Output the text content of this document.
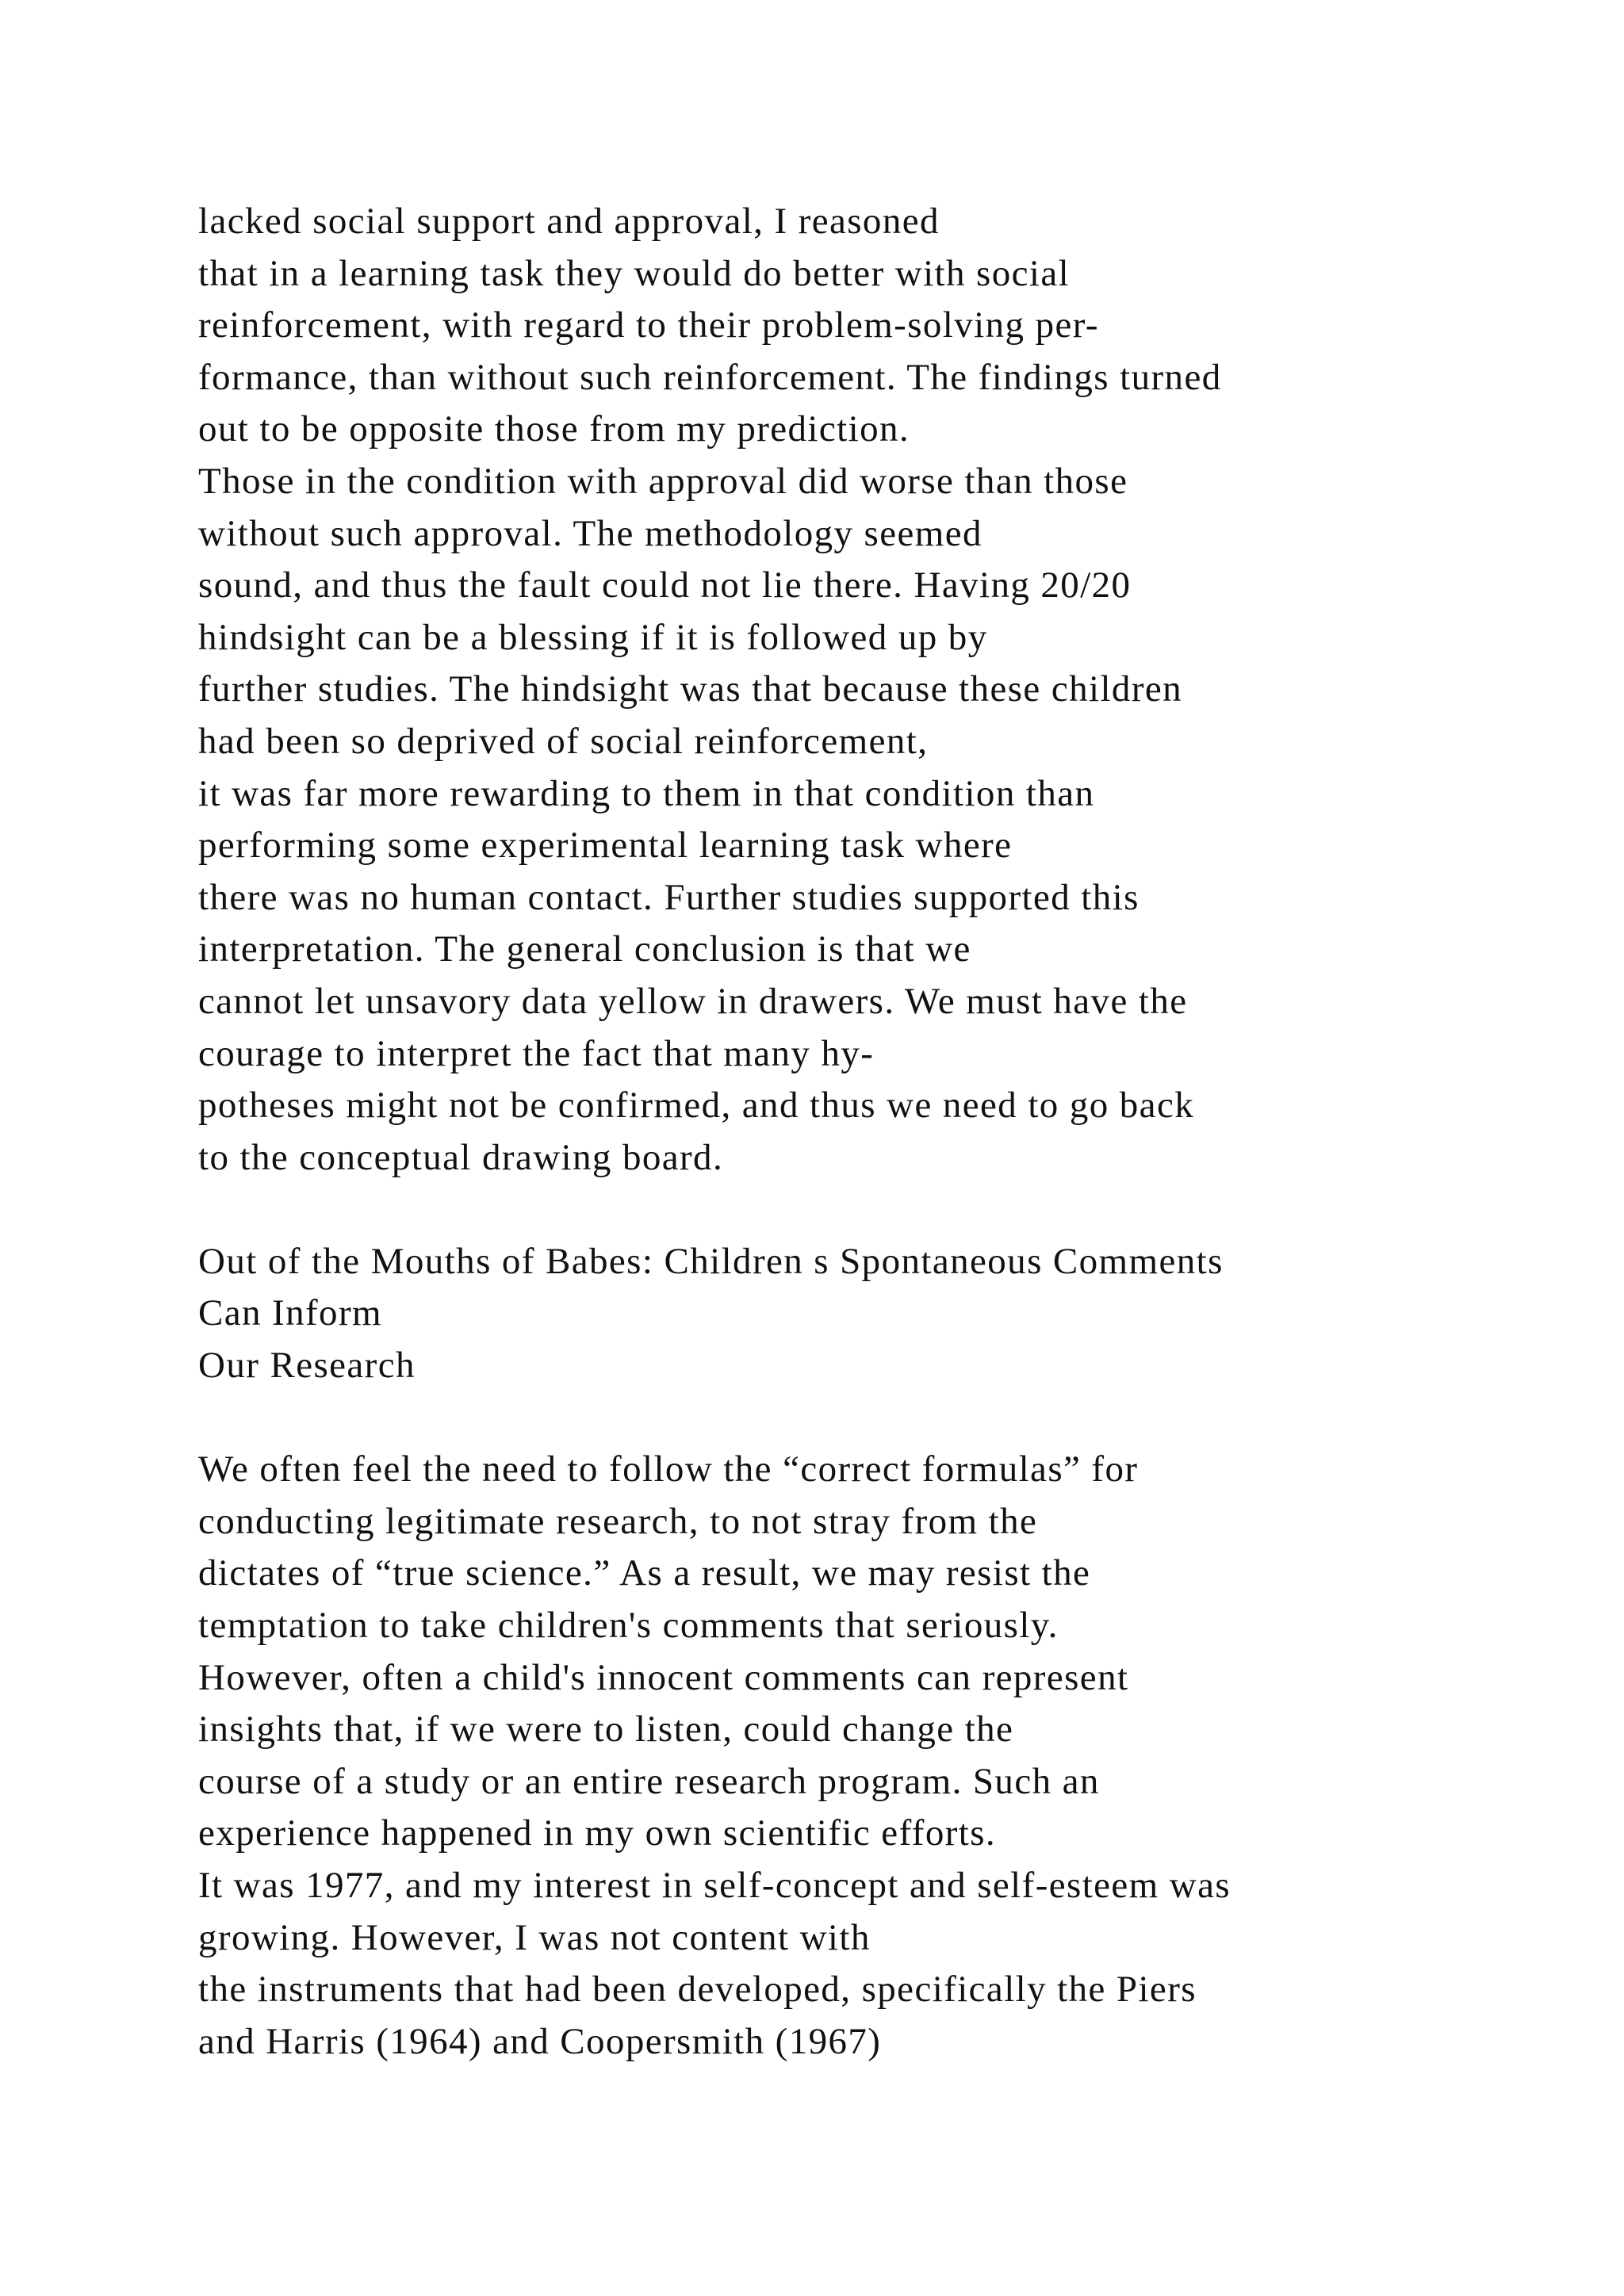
lacked social support and approval, I reasoned
that in a learning task they would do better with social
reinforcement, with regard to their problem-solving per-
formance, than without such reinforcement. The findings turned
out to be opposite those from my prediction.
Those in the condition with approval did worse than those
without such approval. The methodology seemed
sound, and thus the fault could not lie there. Having 20/20
hindsight can be a blessing if it is followed up by
further studies. The hindsight was that because these children
had been so deprived of social reinforcement,
it was far more rewarding to them in that condition than
performing some experimental learning task where
there was no human contact. Further studies supported this
interpretation. The general conclusion is that we
cannot let unsavory data yellow in drawers. We must have the
courage to interpret the fact that many hy-
potheses might not be confirmed, and thus we need to go back
to the conceptual drawing board.
Out of the Mouths of Babes: Children s Spontaneous Comments
Can Inform
Our Research
We often feel the need to follow the “correct formulas” for
conducting legitimate research, to not stray from the
dictates of “true science.” As a result, we may resist the
temptation to take children's comments that seriously.
However, often a child's innocent comments can represent
insights that, if we were to listen, could change the
course of a study or an entire research program. Such an
experience happened in my own scientific efforts.
It was 1977, and my interest in self-concept and self-esteem was
growing. However, I was not content with
the instruments that had been developed, specifically the Piers
and Harris (1964) and Coopersmith (1967)
